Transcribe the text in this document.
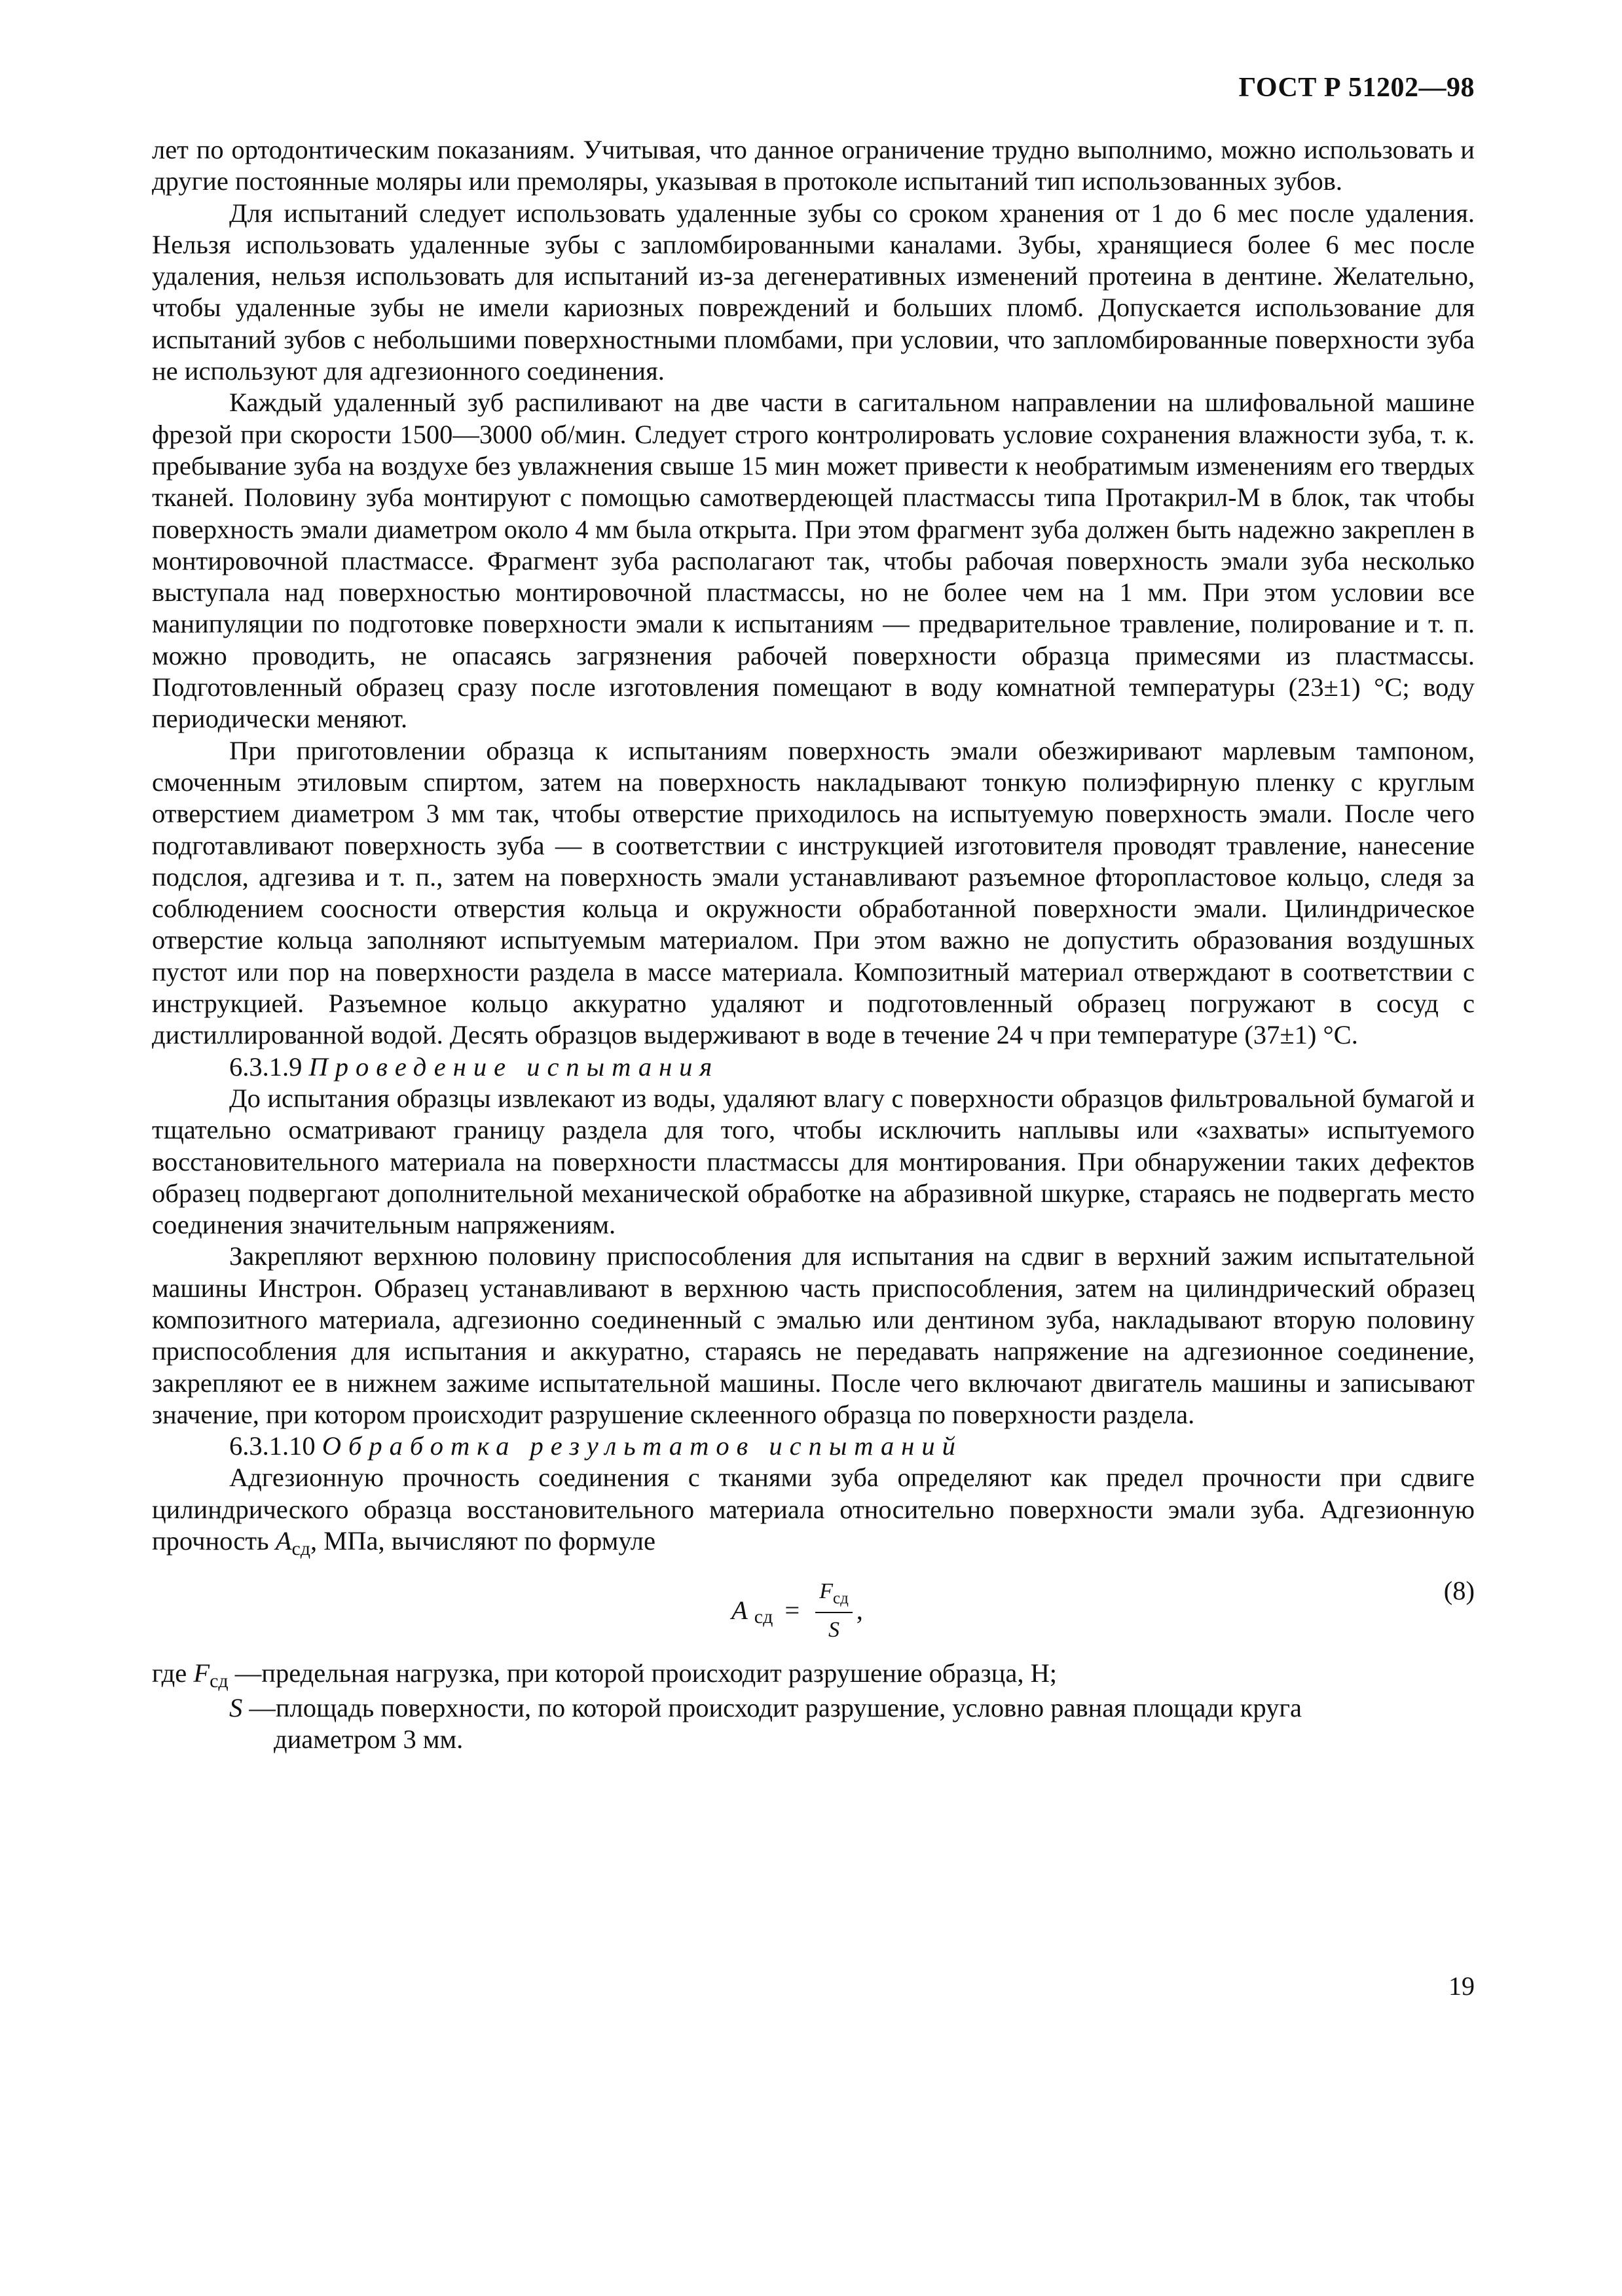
ГОСТ Р 51202—98

лет по ортодонтическим показаниям. Учитывая, что данное ограничение трудно выполнимо, можно использовать и другие постоянные моляры или премоляры, указывая в протоколе испытаний тип использованных зубов.

Для испытаний следует использовать удаленные зубы со сроком хранения от 1 до 6 мес после удаления. Нельзя использовать удаленные зубы с запломбированными каналами. Зубы, хранящиеся более 6 мес после удаления, нельзя использовать для испытаний из-за дегенеративных изменений протеина в дентине. Желательно, чтобы удаленные зубы не имели кариозных повреждений и больших пломб. Допускается использование для испытаний зубов с небольшими поверхностными пломбами, при условии, что запломбированные поверхности зуба не используют для адгезионного соединения.

Каждый удаленный зуб распиливают на две части в сагитальном направлении на шлифовальной машине фрезой при скорости 1500—3000 об/мин. Следует строго контролировать условие сохранения влажности зуба, т. к. пребывание зуба на воздухе без увлажнения свыше 15 мин может привести к необратимым изменениям его твердых тканей. Половину зуба монтируют с помощью самотвердеющей пластмассы типа Протакрил-М в блок, так чтобы поверхность эмали диаметром около 4 мм была открыта. При этом фрагмент зуба должен быть надежно закреплен в монтировочной пластмассе. Фрагмент зуба располагают так, чтобы рабочая поверхность эмали зуба несколько выступала над поверхностью монтировочной пластмассы, но не более чем на 1 мм. При этом условии все манипуляции по подготовке поверхности эмали к испытаниям — предварительное травление, полирование и т. п. можно проводить, не опасаясь загрязнения рабочей поверхности образца примесями из пластмассы. Подготовленный образец сразу после изготовления помещают в воду комнатной температуры (23±1) °С; воду периодически меняют.

При приготовлении образца к испытаниям поверхность эмали обезжиривают марлевым тампоном, смоченным этиловым спиртом, затем на поверхность накладывают тонкую полиэфирную пленку с круглым отверстием диаметром 3 мм так, чтобы отверстие приходилось на испытуемую поверхность эмали. После чего подготавливают поверхность зуба — в соответствии с инструкцией изготовителя проводят травление, нанесение подслоя, адгезива и т. п., затем на поверхность эмали устанавливают разъемное фторопластовое кольцо, следя за соблюдением соосности отверстия кольца и окружности обработанной поверхности эмали. Цилиндрическое отверстие кольца заполняют испытуемым материалом. При этом важно не допустить образования воздушных пустот или пор на поверхности раздела в массе материала. Композитный материал отверждают в соответствии с инструкцией. Разъемное кольцо аккуратно удаляют и подготовленный образец погружают в сосуд с дистиллированной водой. Десять образцов выдерживают в воде в течение 24 ч при температуре (37±1) °С.

6.3.1.9 Проведение испытания

До испытания образцы извлекают из воды, удаляют влагу с поверхности образцов фильтровальной бумагой и тщательно осматривают границу раздела для того, чтобы исключить наплывы или «захваты» испытуемого восстановительного материала на поверхности пластмассы для монтирования. При обнаружении таких дефектов образец подвергают дополнительной механической обработке на абразивной шкурке, стараясь не подвергать место соединения значительным напряжениям.

Закрепляют верхнюю половину приспособления для испытания на сдвиг в верхний зажим испытательной машины Инстрон. Образец устанавливают в верхнюю часть приспособления, затем на цилиндрический образец композитного материала, адгезионно соединенный с эмалью или дентином зуба, накладывают вторую половину приспособления для испытания и аккуратно, стараясь не передавать напряжение на адгезионное соединение, закрепляют ее в нижнем зажиме испытательной машины. После чего включают двигатель машины и записывают значение, при котором происходит разрушение склеенного образца по поверхности раздела.

6.3.1.10 Обработка результатов испытаний

Адгезионную прочность соединения с тканями зуба определяют как предел прочности при сдвиге цилиндрического образца восстановительного материала относительно поверхности эмали зуба. Адгезионную прочность Aсд, МПа, вычисляют по формуле

A сд = $\frac{F_{сд}}{S}$ ,
(8)

где Fсд —предельная нагрузка, при которой происходит разрушение образца, Н;

S —площадь поверхности, по которой происходит разрушение, условно равная площади круга

диаметром 3 мм.

19
